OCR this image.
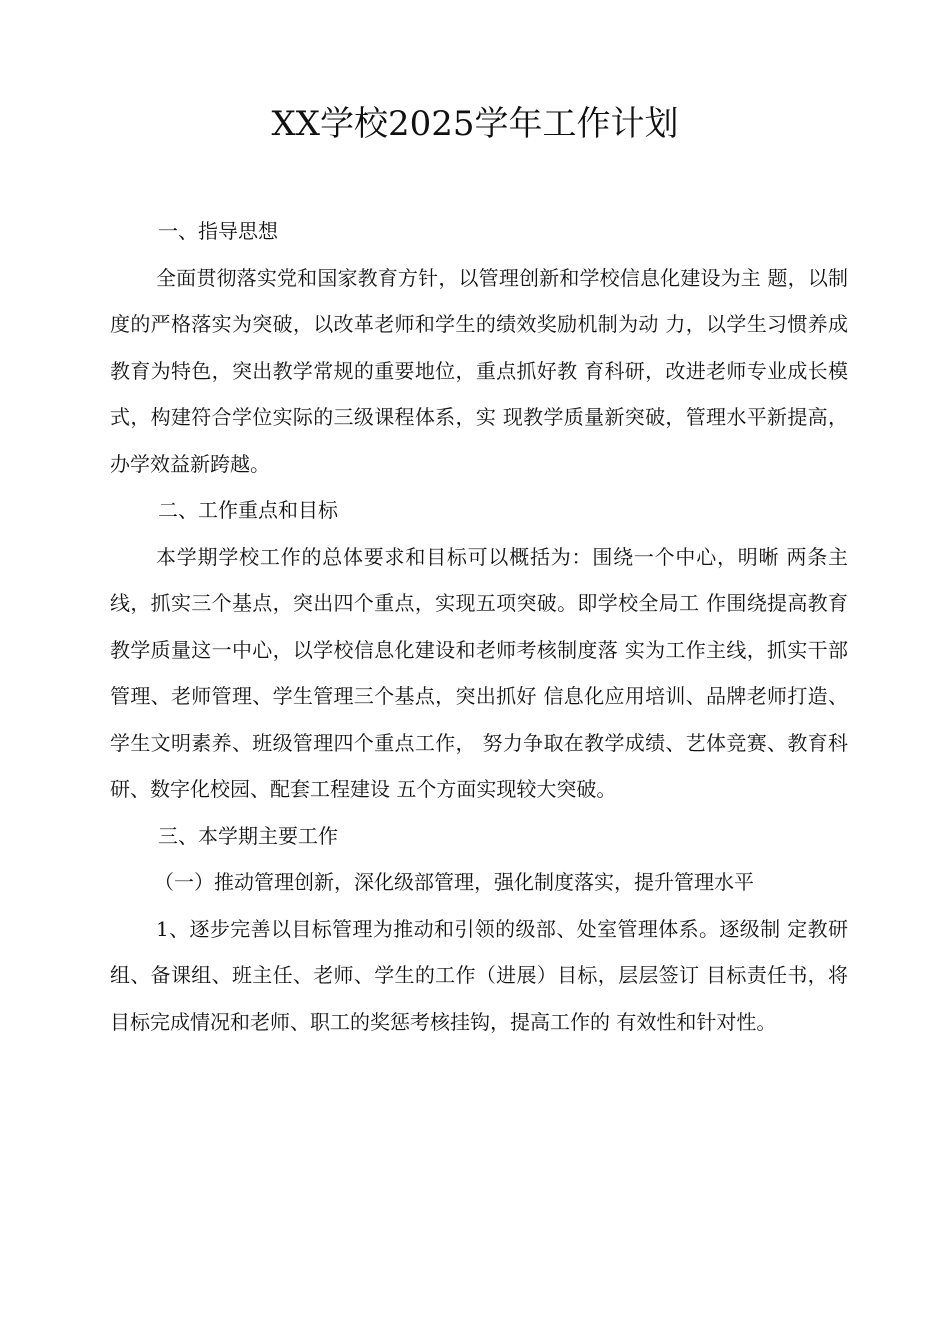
XX学校2025学年工作计划

一、指导思想

全面贯彻落实党和国家教育方针，以管理创新和学校信息化建设为主 题，以制度的严格落实为突破，以改革老师和学生的绩效奖励机制为动 力，以学生习惯养成教育为特色，突出教学常规的重要地位，重点抓好教 育科研，改进老师专业成长模式，构建符合学位实际的三级课程体系，实 现教学质量新突破，管理水平新提高，办学效益新跨越。

二、工作重点和目标

本学期学校工作的总体要求和目标可以概括为：围绕一个中心，明晰 两条主线，抓实三个基点，突出四个重点，实现五项突破。即学校全局工 作围绕提高教育教学质量这一中心，以学校信息化建设和老师考核制度落 实为工作主线，抓实干部管理、老师管理、学生管理三个基点，突出抓好 信息化应用培训、品牌老师打造、学生文明素养、班级管理四个重点工作， 努力争取在教学成绩、艺体竞赛、教育科研、数字化校园、配套工程建设 五个方面实现较大突破。

三、本学期主要工作

（一）推动管理创新，深化级部管理，强化制度落实，提升管理水平

1、逐步完善以目标管理为推动和引领的级部、处室管理体系。逐级制 定教研组、备课组、班主任、老师、学生的工作（进展）目标，层层签订 目标责任书，将目标完成情况和老师、职工的奖惩考核挂钩，提高工作的 有效性和针对性。
